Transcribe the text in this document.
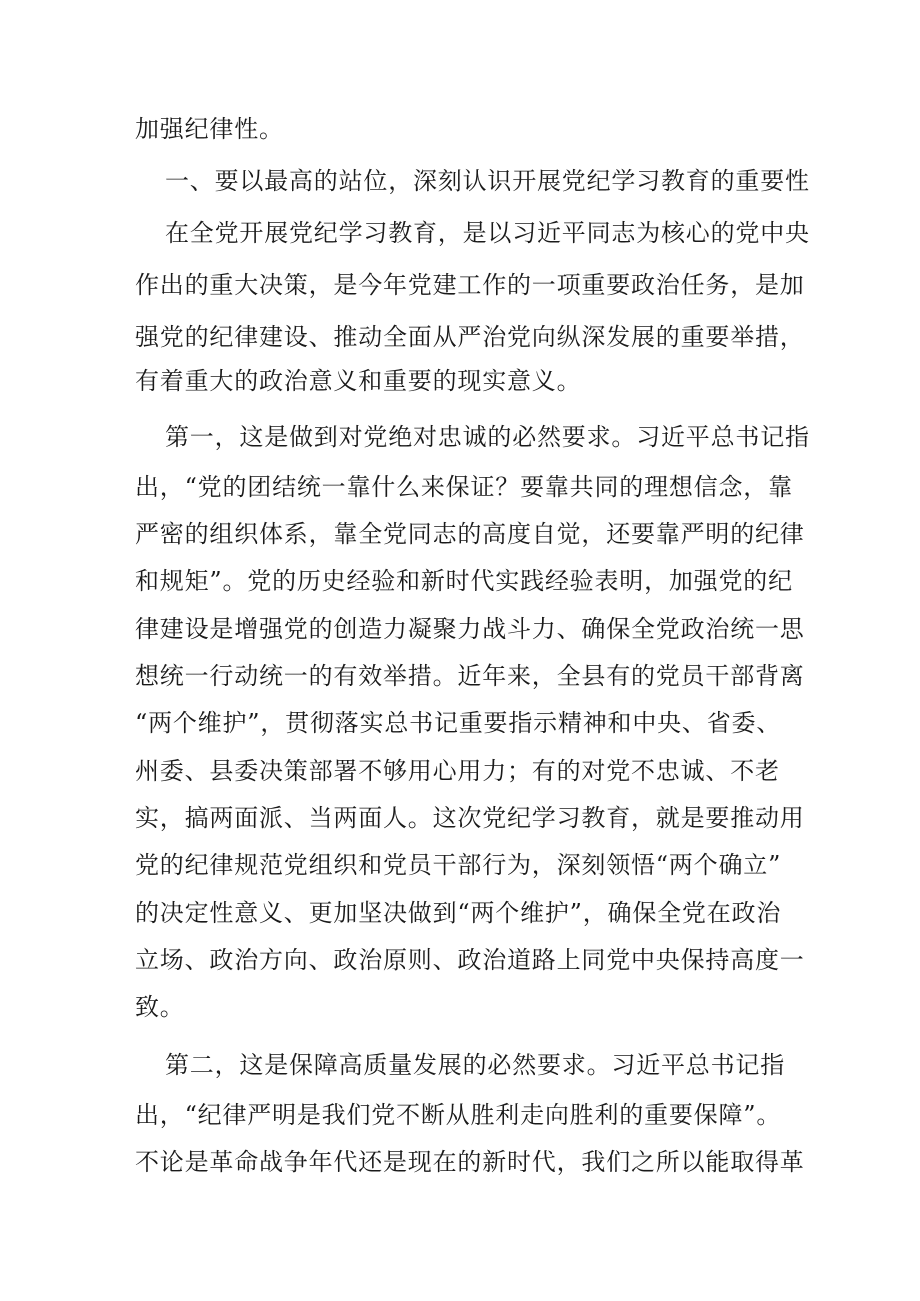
加强纪律性。
一、要以最高的站位，深刻认识开展党纪学习教育的重要性
在全党开展党纪学习教育，是以习近平同志为核心的党中央
作出的重大决策，是今年党建工作的一项重要政治任务，是加
强党的纪律建设、推动全面从严治党向纵深发展的重要举措，
有着重大的政治意义和重要的现实意义。
第一，这是做到对党绝对忠诚的必然要求。习近平总书记指
出，“党的团结统一靠什么来保证？要靠共同的理想信念，靠
严密的组织体系，靠全党同志的高度自觉，还要靠严明的纪律
和规矩”。党的历史经验和新时代实践经验表明，加强党的纪
律建设是增强党的创造力凝聚力战斗力、确保全党政治统一思
想统一行动统一的有效举措。近年来，全县有的党员干部背离
“两个维护”，贯彻落实总书记重要指示精神和中央、省委、
州委、县委决策部署不够用心用力；有的对党不忠诚、不老
实，搞两面派、当两面人。这次党纪学习教育，就是要推动用
党的纪律规范党组织和党员干部行为，深刻领悟“两个确立”
的决定性意义、更加坚决做到“两个维护”，确保全党在政治
立场、政治方向、政治原则、政治道路上同党中央保持高度一
致。
第二，这是保障高质量发展的必然要求。习近平总书记指
出，“纪律严明是我们党不断从胜利走向胜利的重要保障”。
不论是革命战争年代还是现在的新时代，我们之所以能取得革
